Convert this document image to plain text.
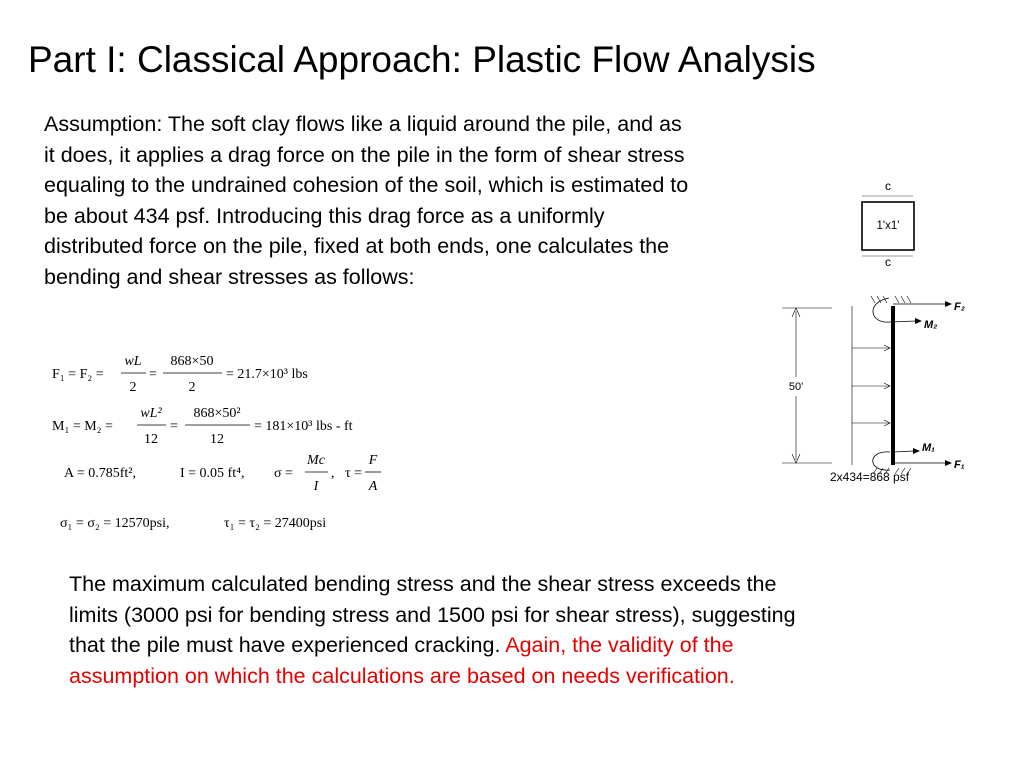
Part I: Classical Approach: Plastic Flow Analysis
Assumption: The soft clay flows like a liquid around the pile, and as it does, it applies a drag force on the pile in the form of shear stress equaling to the undrained cohesion of the soil, which is estimated to be about 434 psf. Introducing this drag force as a uniformly distributed force on the pile, fixed at both ends, one calculates the bending and shear stresses as follows:
F₁ = F₂ =
wL
2
=
868×50
2
= 21.7×10³ lbs
M₁ = M₂ =
wL²
12
=
868×50²
12
= 181×10³ lbs - ft
A = 0.785ft²,	I = 0.05 ft⁴, σ =
Mc
I
, τ =
F
A
σ₁ = σ₂ = 12570psi,	τ₁ = τ₂ = 27400psi
c
1'x1'
c
50'
F₂
M₂
M₁
F₁
2x434=868 psf
The maximum calculated bending stress and the shear stress exceeds the limits (3000 psi for bending stress and 1500 psi for shear stress), suggesting that the pile must have experienced cracking. Again, the validity of the assumption on which the calculations are based on needs verification.
